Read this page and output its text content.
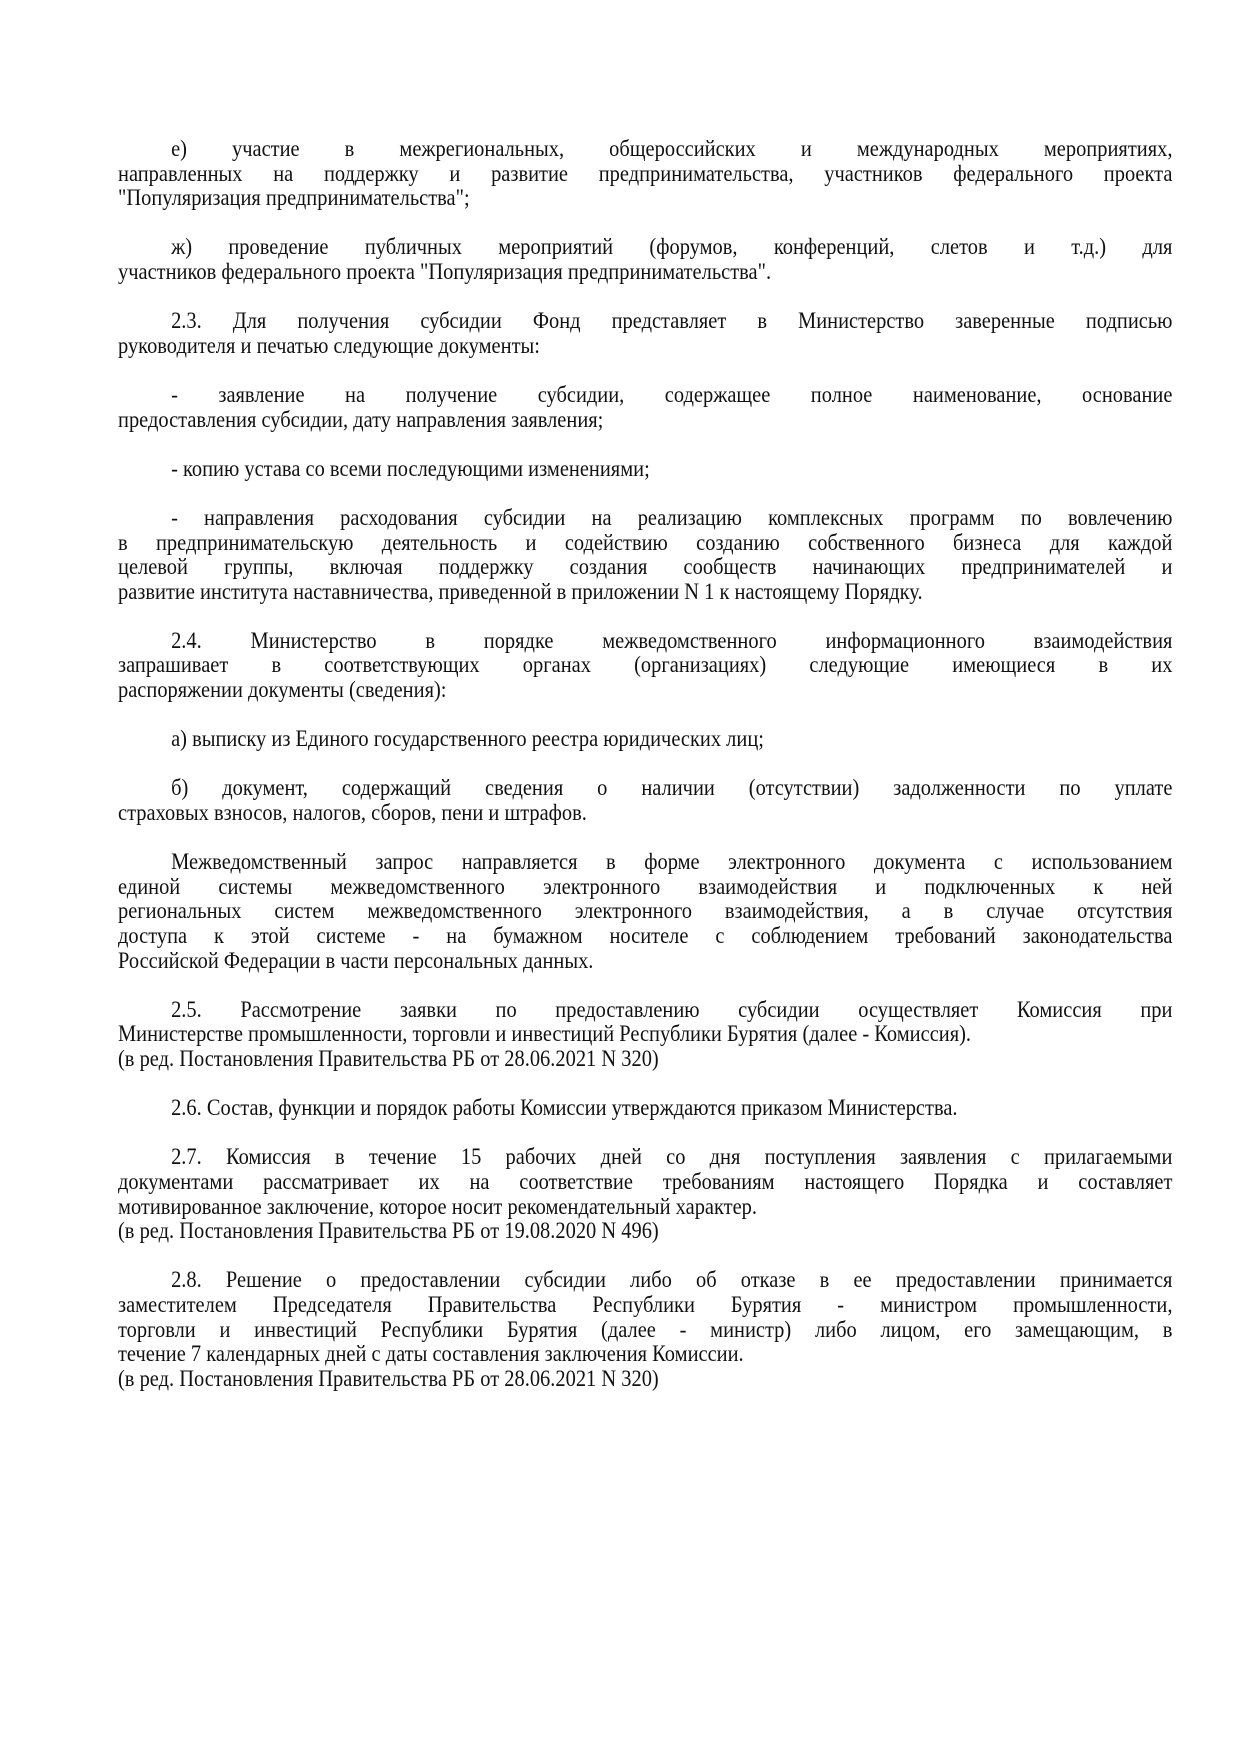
е) участие в межрегиональных, общероссийских и международных мероприятиях,
направленных на поддержку и развитие предпринимательства, участников федерального проекта
"Популяризация предпринимательства";
ж) проведение публичных мероприятий (форумов, конференций, слетов и т.д.) для
участников федерального проекта "Популяризация предпринимательства".
2.3. Для получения субсидии Фонд представляет в Министерство заверенные подписью
руководителя и печатью следующие документы:
- заявление на получение субсидии, содержащее полное наименование, основание
предоставления субсидии, дату направления заявления;
- копию устава со всеми последующими изменениями;
- направления расходования субсидии на реализацию комплексных программ по вовлечению
в предпринимательскую деятельность и содействию созданию собственного бизнеса для каждой
целевой группы, включая поддержку создания сообществ начинающих предпринимателей и
развитие института наставничества, приведенной в приложении N 1 к настоящему Порядку.
2.4. Министерство в порядке межведомственного информационного взаимодействия
запрашивает в соответствующих органах (организациях) следующие имеющиеся в их
распоряжении документы (сведения):
а) выписку из Единого государственного реестра юридических лиц;
б) документ, содержащий сведения о наличии (отсутствии) задолженности по уплате
страховых взносов, налогов, сборов, пени и штрафов.
Межведомственный запрос направляется в форме электронного документа с использованием
единой системы межведомственного электронного взаимодействия и подключенных к ней
региональных систем межведомственного электронного взаимодействия, а в случае отсутствия
доступа к этой системе - на бумажном носителе с соблюдением требований законодательства
Российской Федерации в части персональных данных.
2.5. Рассмотрение заявки по предоставлению субсидии осуществляет Комиссия при
Министерстве промышленности, торговли и инвестиций Республики Бурятия (далее - Комиссия).
(в ред. Постановления Правительства РБ от 28.06.2021 N 320)
2.6. Состав, функции и порядок работы Комиссии утверждаются приказом Министерства.
2.7. Комиссия в течение 15 рабочих дней со дня поступления заявления с прилагаемыми
документами рассматривает их на соответствие требованиям настоящего Порядка и составляет
мотивированное заключение, которое носит рекомендательный характер.
(в ред. Постановления Правительства РБ от 19.08.2020 N 496)
2.8. Решение о предоставлении субсидии либо об отказе в ее предоставлении принимается
заместителем Председателя Правительства Республики Бурятия - министром промышленности,
торговли и инвестиций Республики Бурятия (далее - министр) либо лицом, его замещающим, в
течение 7 календарных дней с даты составления заключения Комиссии.
(в ред. Постановления Правительства РБ от 28.06.2021 N 320)
